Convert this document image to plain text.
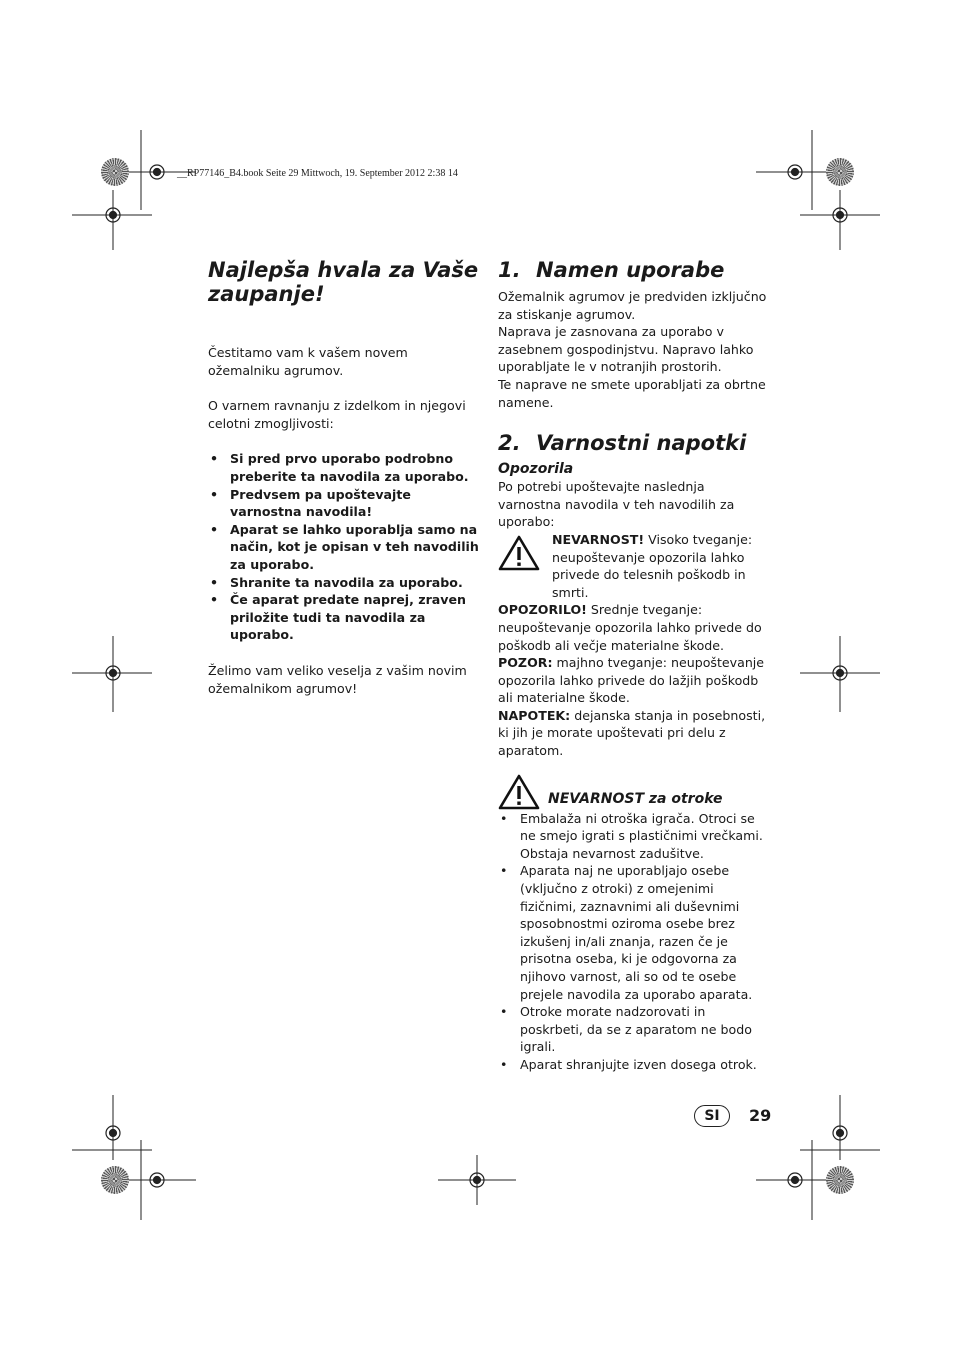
__RP77146_B4.book Seite 29 Mittwoch, 19. September 2012 2:38 14
Najlepša hvala za Vaše zaupanje!

Čestitamo vam k vašem novem ožemalniku agrumov.

O varnem ravnanju z izdelkom in njegovi celotni zmogljivosti:

• Si pred prvo uporabo podrobno preberite ta navodila za uporabo.
• Predvsem pa upoštevajte varnostna navodila!
• Aparat se lahko uporablja samo na način, kot je opisan v teh navodilih za uporabo.
• Shranite ta navodila za uporabo.
• Če aparat predate naprej, zraven priložite tudi ta navodila za uporabo.

Želimo vam veliko veselja z vašim novim ožemalnikom agrumov!

1. Namen uporabe

Ožemalnik agrumov je predviden izključno za stiskanje agrumov.

Naprava je zasnovana za uporabo v zasebnem gospodinjstvu. Napravo lahko uporabljate le v notranjih prostorih.

Te naprave ne smete uporabljati za obrtne namene.

2. Varnostni napotki
Opozorila

Po potrebi upoštevajte naslednja varnostna navodila v teh navodilih za uporabo:

NEVARNOST! Visoko tveganje: neupoštevanje opozorila lahko privede do telesnih poškodb in smrti.

OPOZORILO! Srednje tveganje: neupoštevanje opozorila lahko privede do poškodb ali večje materialne škode.

POZOR: majhno tveganje: neupoštevanje opozorila lahko privede do lažjih poškodb ali materialne škode.

NAPOTEK: dejanska stanja in posebnosti, ki jih je morate upoštevati pri delu z aparatom.

NEVARNOST za otroke
• Embalaža ni otroška igrača. Otroci se ne smejo igrati s plastičnimi vrečkami. Obstaja nevarnost zadušitve.
• Aparata naj ne uporabljajo osebe (vključno z otroki) z omejenimi fizičnimi, zaznavnimi ali duševnimi sposobnostmi oziroma osebe brez izkušenj in/ali znanja, razen če je prisotna oseba, ki je odgovorna za njihovo varnost, ali so od te osebe prejele navodila za uporabo aparata.
• Otroke morate nadzorovati in poskrbeti, da se z aparatom ne bodo igrali.
• Aparat shranjujte izven dosega otrok.
SI	29
